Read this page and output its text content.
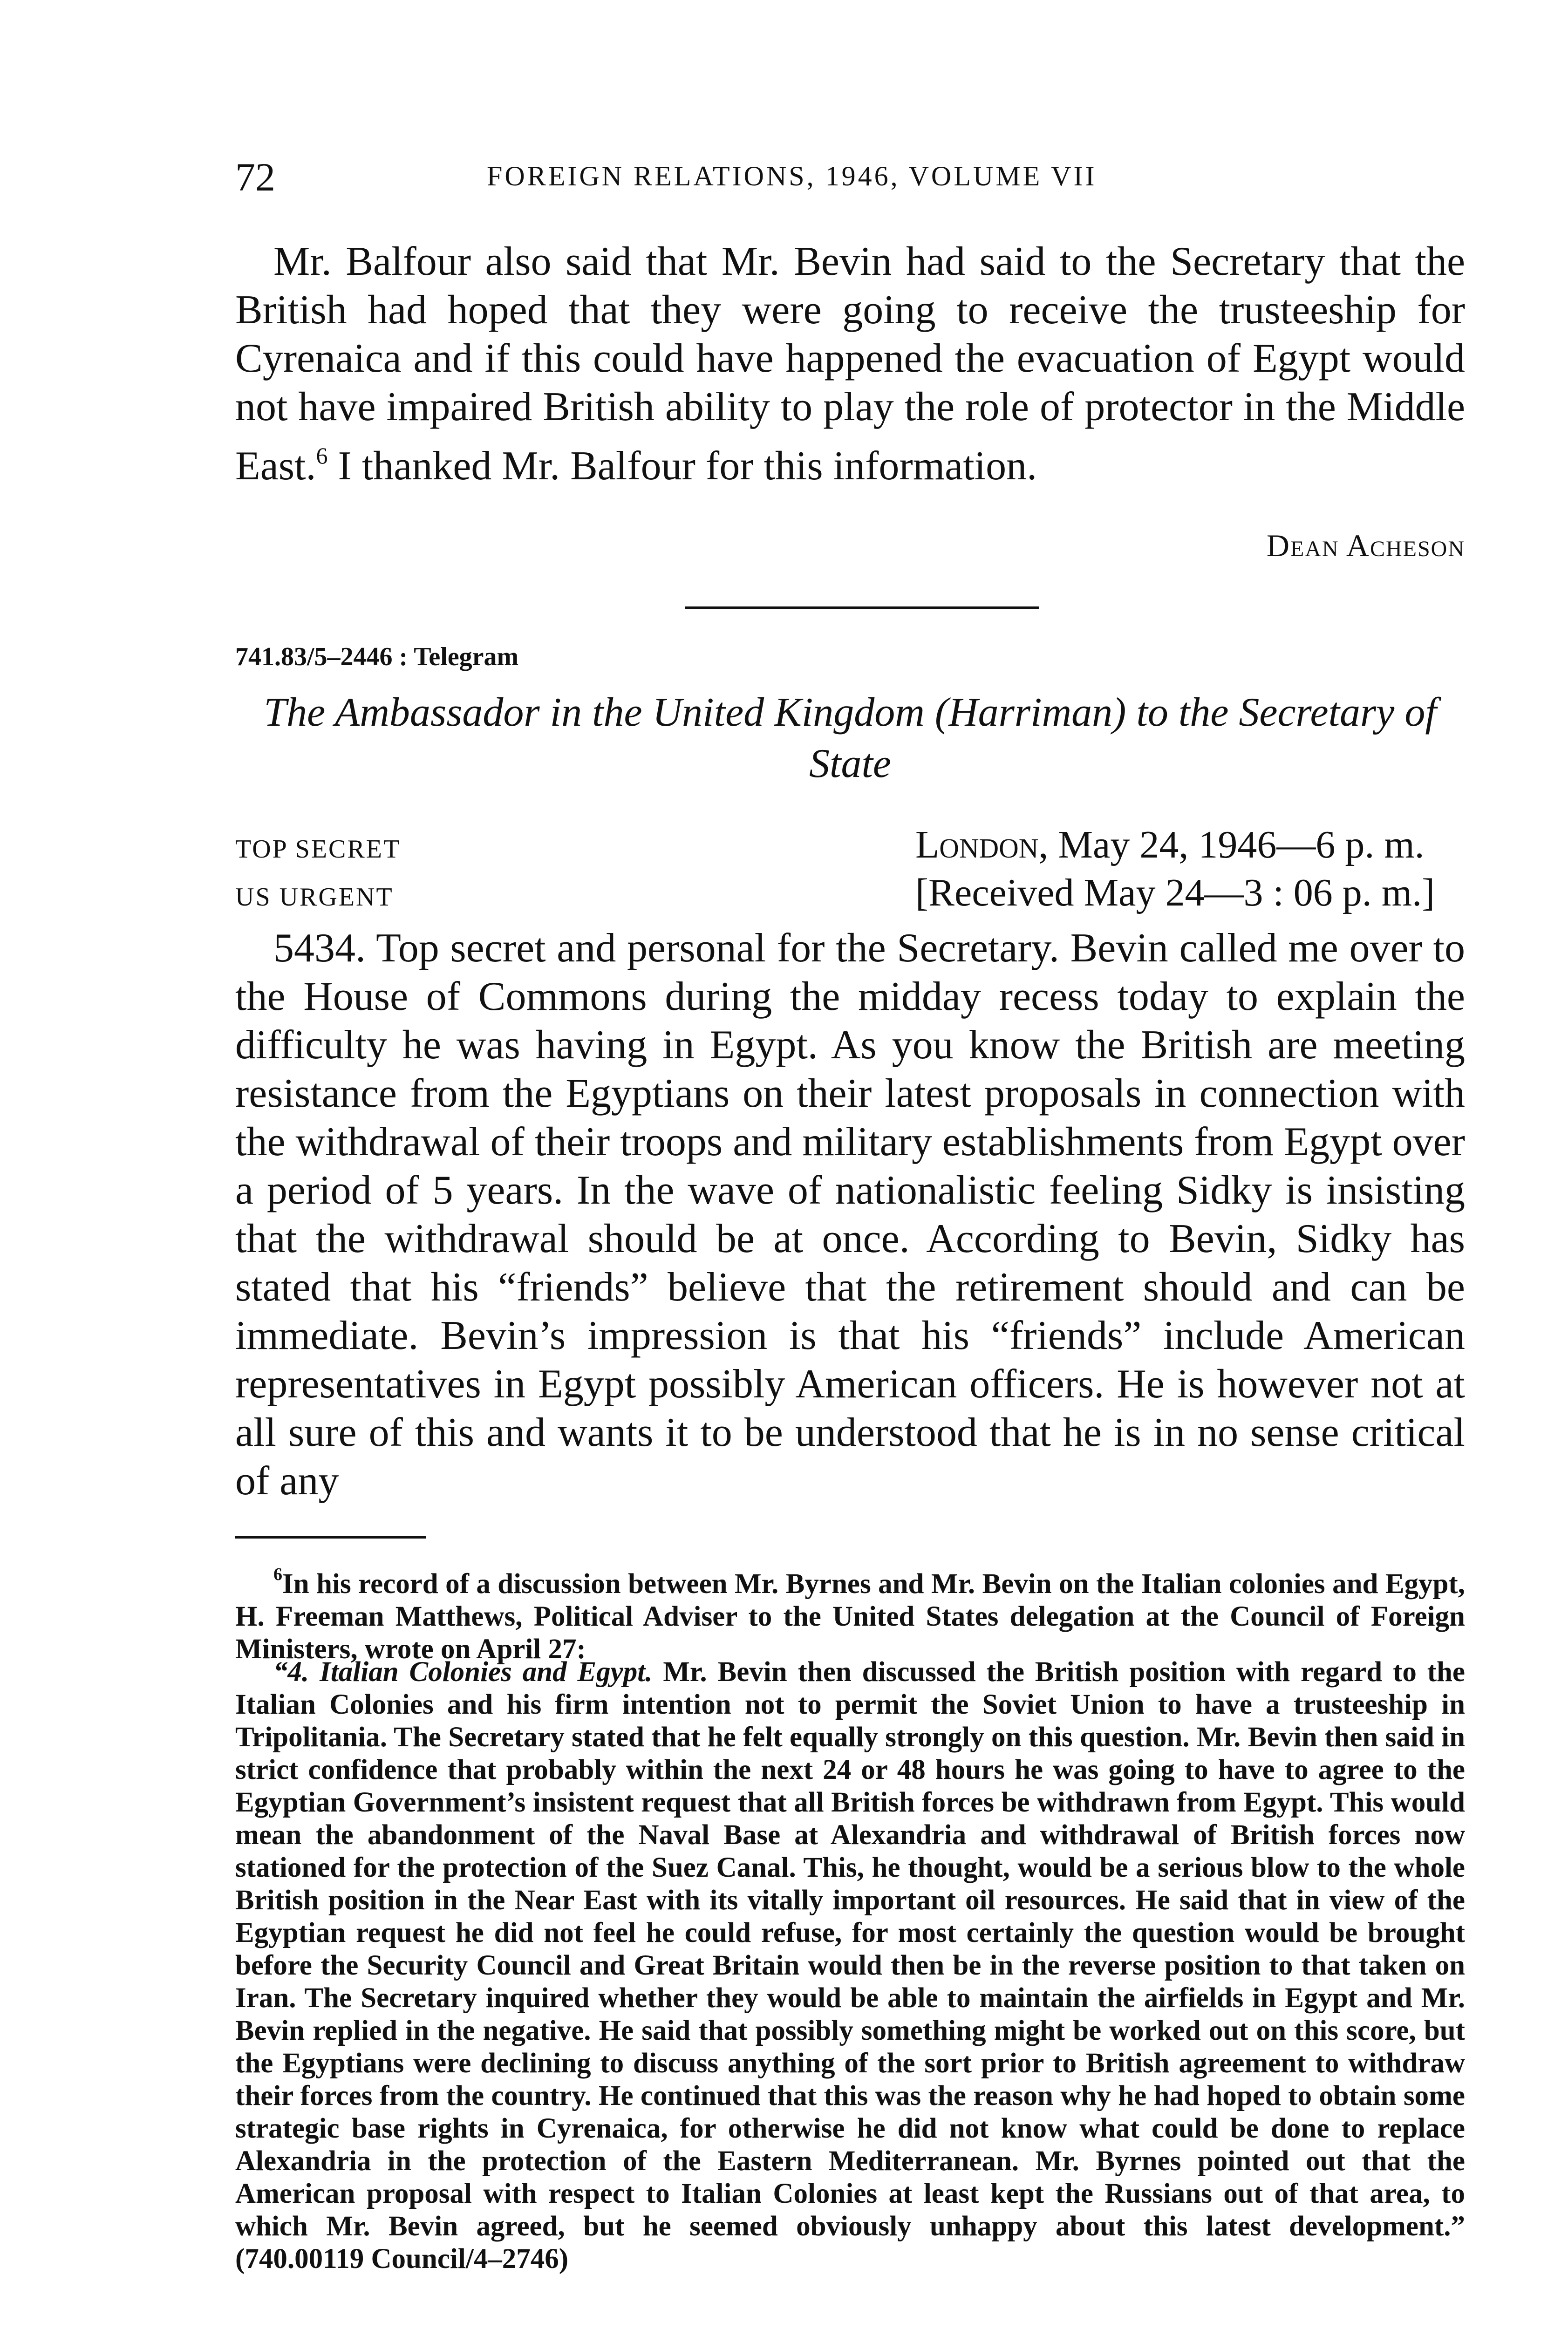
72	FOREIGN RELATIONS, 1946, VOLUME VII

Mr. Balfour also said that Mr. Bevin had said to the Secretary that the British had hoped that they were going to receive the trusteeship for Cyrenaica and if this could have happened the evacuation of Egypt would not have impaired British ability to play the role of protector in the Middle East.$^6$ I thanked Mr. Balfour for this information.

Dean Acheson
741.83/5–2446 : Telegram

The Ambassador in the United Kingdom (Harriman) to the Secretary of State

TOP SECRET	London, May 24, 1946—6 p. m.
US URGENT	[Received May 24—3 : 06 p. m.]

5434. Top secret and personal for the Secretary. Bevin called me over to the House of Commons during the midday recess today to explain the difficulty he was having in Egypt. As you know the British are meeting resistance from the Egyptians on their latest proposals in connection with the withdrawal of their troops and military establishments from Egypt over a period of 5 years. In the wave of nationalistic feeling Sidky is insisting that the withdrawal should be at once. According to Bevin, Sidky has stated that his “friends” believe that the retirement should and can be immediate. Bevin’s impression is that his “friends” include American representatives in Egypt possibly American officers. He is however not at all sure of this and wants it to be understood that he is in no sense critical of any

$^6$In his record of a discussion between Mr. Byrnes and Mr. Bevin on the Italian colonies and Egypt, H. Freeman Matthews, Political Adviser to the United States delegation at the Council of Foreign Ministers, wrote on April 27:

“4. Italian Colonies and Egypt. Mr. Bevin then discussed the British position with regard to the Italian Colonies and his firm intention not to permit the Soviet Union to have a trusteeship in Tripolitania. The Secretary stated that he felt equally strongly on this question. Mr. Bevin then said in strict confidence that probably within the next 24 or 48 hours he was going to have to agree to the Egyptian Government’s insistent request that all British forces be withdrawn from Egypt. This would mean the abandonment of the Naval Base at Alexandria and withdrawal of British forces now stationed for the protection of the Suez Canal. This, he thought, would be a serious blow to the whole British position in the Near East with its vitally important oil resources. He said that in view of the Egyptian request he did not feel he could refuse, for most certainly the question would be brought before the Security Council and Great Britain would then be in the reverse position to that taken on Iran. The Secretary inquired whether they would be able to maintain the airfields in Egypt and Mr. Bevin replied in the negative. He said that possibly something might be worked out on this score, but the Egyptians were declining to discuss anything of the sort prior to British agreement to withdraw their forces from the country. He continued that this was the reason why he had hoped to obtain some strategic base rights in Cyrenaica, for otherwise he did not know what could be done to replace Alexandria in the protection of the Eastern Mediterranean. Mr. Byrnes pointed out that the American proposal with respect to Italian Colonies at least kept the Russians out of that area, to which Mr. Bevin agreed, but he seemed obviously unhappy about this latest development.” (740.00119 Council/4–2746)
